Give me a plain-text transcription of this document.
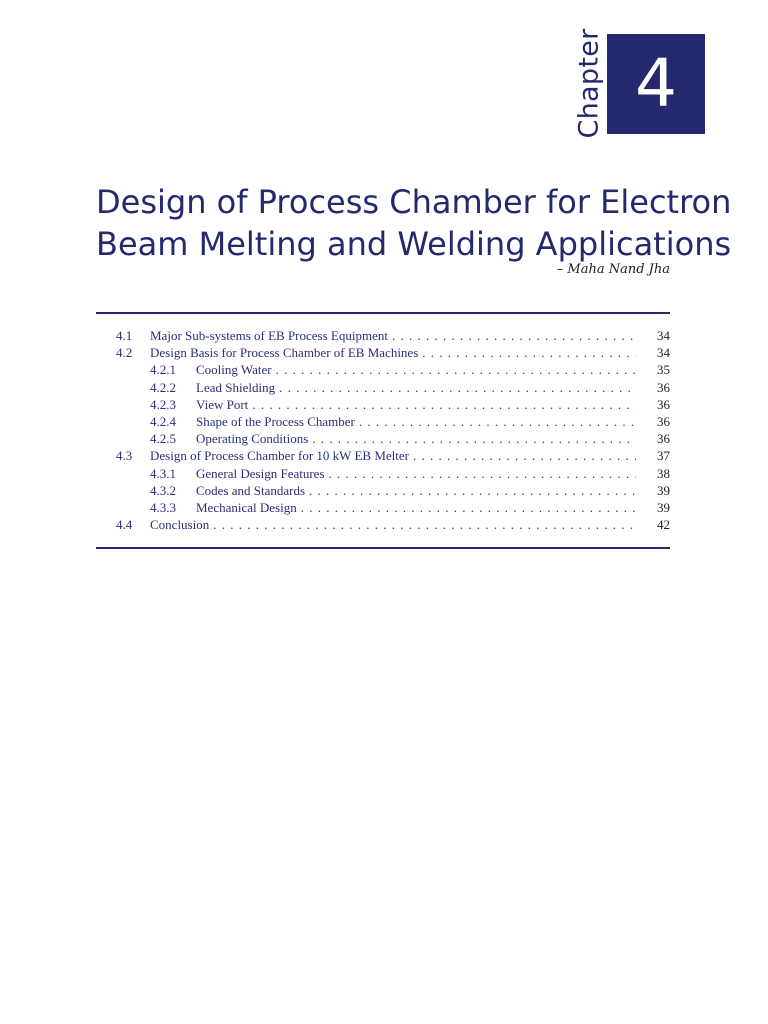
Chapter 4
Design of Process Chamber for Electron
Beam Melting and Welding Applications
– Maha Nand Jha
4.1	Major Sub-systems of EB Process Equipment . . .	34
4.2	Design Basis for Process Chamber of EB Machines . . .	34
4.2.1	Cooling Water . . .	35
4.2.2	Lead Shielding . . .	36
4.2.3	View Port . . .	36
4.2.4	Shape of the Process Chamber . . .	36
4.2.5	Operating Conditions . . .	36
4.3	Design of Process Chamber for 10 kW EB Melter . . .	37
4.3.1	General Design Features . . .	38
4.3.2	Codes and Standards . . .	39
4.3.3	Mechanical Design . . .	39
4.4	Conclusion . . .	42
